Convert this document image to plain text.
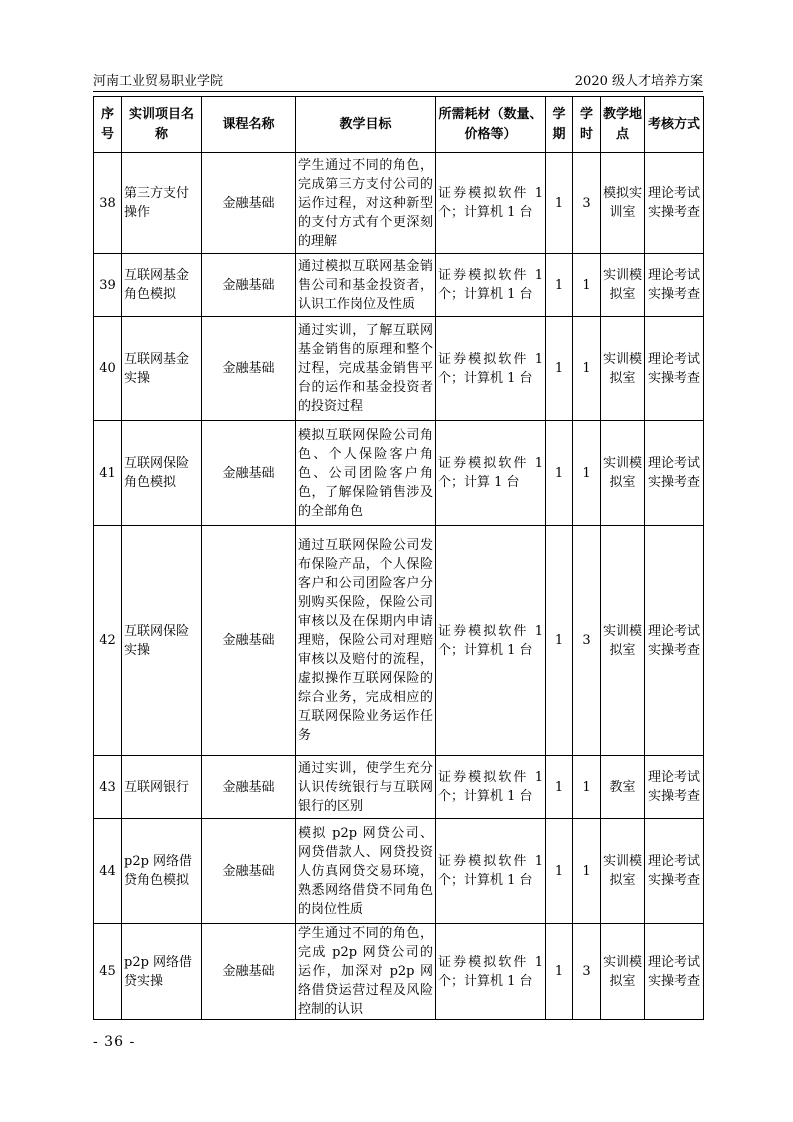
河南工业贸易职业学院	2020 级人才培养方案
序号	实训项目名称	课程名称	教学目标	所需耗材（数量、价格等）	学期	学时	教学地点	考核方式
38	第三方支付操作	金融基础	学生通过不同的角色，完成第三方支付公司的运作过程，对这种新型的支付方式有个更深刻的理解	证券模拟软件 1 个；计算机 1 台	1	3	模拟实训室	理论考试实操考查
39	互联网基金角色模拟	金融基础	通过模拟互联网基金销售公司和基金投资者，认识工作岗位及性质	证券模拟软件 1 个；计算机 1 台	1	1	实训模拟室	理论考试实操考查
40	互联网基金实操	金融基础	通过实训，了解互联网基金销售的原理和整个过程，完成基金销售平台的运作和基金投资者的投资过程	证券模拟软件 1 个；计算机 1 台	1	1	实训模拟室	理论考试实操考查
41	互联网保险角色模拟	金融基础	模拟互联网保险公司角色、个人保险客户角色、公司团险客户角色，了解保险销售涉及的全部角色	证券模拟软件 1 个；计算 1 台	1	1	实训模拟室	理论考试实操考查
42	互联网保险实操	金融基础	通过互联网保险公司发布保险产品，个人保险客户和公司团险客户分别购买保险，保险公司审核以及在保期内申请理赔，保险公司对理赔审核以及赔付的流程，虚拟操作互联网保险的综合业务，完成相应的互联网保险业务运作任务	证券模拟软件 1 个；计算机 1 台	1	3	实训模拟室	理论考试实操考查
43	互联网银行	金融基础	通过实训，使学生充分认识传统银行与互联网银行的区别	证券模拟软件 1 个；计算机 1 台	1	1	教室	理论考试实操考查
44	p2p 网络借贷角色模拟	金融基础	模拟 p2p 网贷公司、网贷借款人、网贷投资人仿真网贷交易环境，熟悉网络借贷不同角色的岗位性质	证券模拟软件 1 个；计算机 1 台	1	1	实训模拟室	理论考试实操考查
45	p2p 网络借贷实操	金融基础	学生通过不同的角色，完成 p2p 网贷公司的运作，加深对 p2p 网络借贷运营过程及风险控制的认识	证券模拟软件 1 个；计算机 1 台	1	3	实训模拟室	理论考试实操考查
- 36 -
